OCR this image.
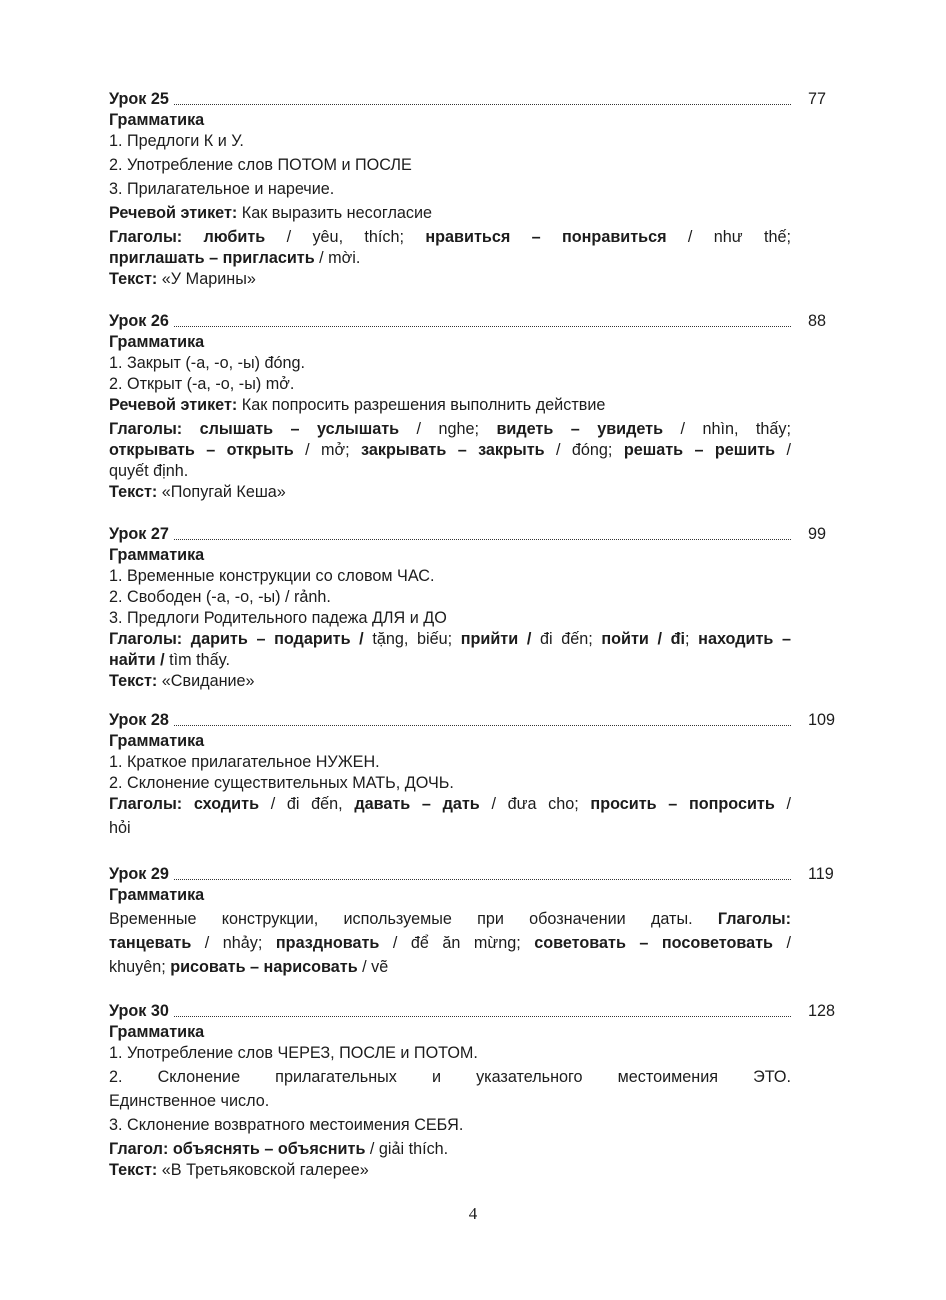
Урок 25	77
Грамматика
1. Предлоги К и У.
2. Употребление слов ПОТОМ и ПОСЛЕ
3. Прилагательное и наречие.
Речевой этикет: Как выразить несогласие
Глаголы: любить / yêu, thích; нравиться – понравиться / như thế;
приглашать – пригласить / mời.
Текст: «У Марины»
Урок 26	88
Грамматика
1. Закрыт (-а, -о, -ы) đóng.
2. Открыт (-а, -о, -ы) mở.
Речевой этикет: Как попросить разрешения выполнить действие
Глаголы: слышать – услышать / nghe; видеть – увидеть / nhìn, thấy;
открывать – открыть / mở; закрывать – закрыть / đóng; решать – решить /
quyết định.
Текст: «Попугай Кеша»
Урок 27	99
Грамматика
1. Временные конструкции со словом ЧАС.
2. Свободен (-а, -о, -ы) / rảnh.
3. Предлоги Родительного падежа ДЛЯ и ДО
Глаголы: дарить – подарить / tặng, biếu; прийти / đi đến; пойти / đi; находить –
найти / tìm thấy.
Текст: «Свидание»
Урок 28	109
Грамматика
1. Краткое прилагательное НУЖЕН.
2. Склонение существительных МАТЬ, ДОЧЬ.
Глаголы: сходить / đi đến, давать – дать / đưa cho; просить – попросить /
hỏi
Урок 29	119
Грамматика
Временные конструкции, используемые при обозначении даты. Глаголы:
танцевать / nhảy; праздновать / để ăn mừng; советовать – посоветовать /
khuyên; рисовать – нарисовать / vẽ
Урок 30	128
Грамматика
1. Употребление слов ЧЕРЕЗ, ПОСЛЕ и ПОТОМ.
2. Склонение прилагательных и указательного местоимения ЭТО.
Единственное число.
3. Склонение возвратного местоимения СЕБЯ.
Глагол: объяснять – объяснить / giải thích.
Текст: «В Третьяковской галерее»
4
